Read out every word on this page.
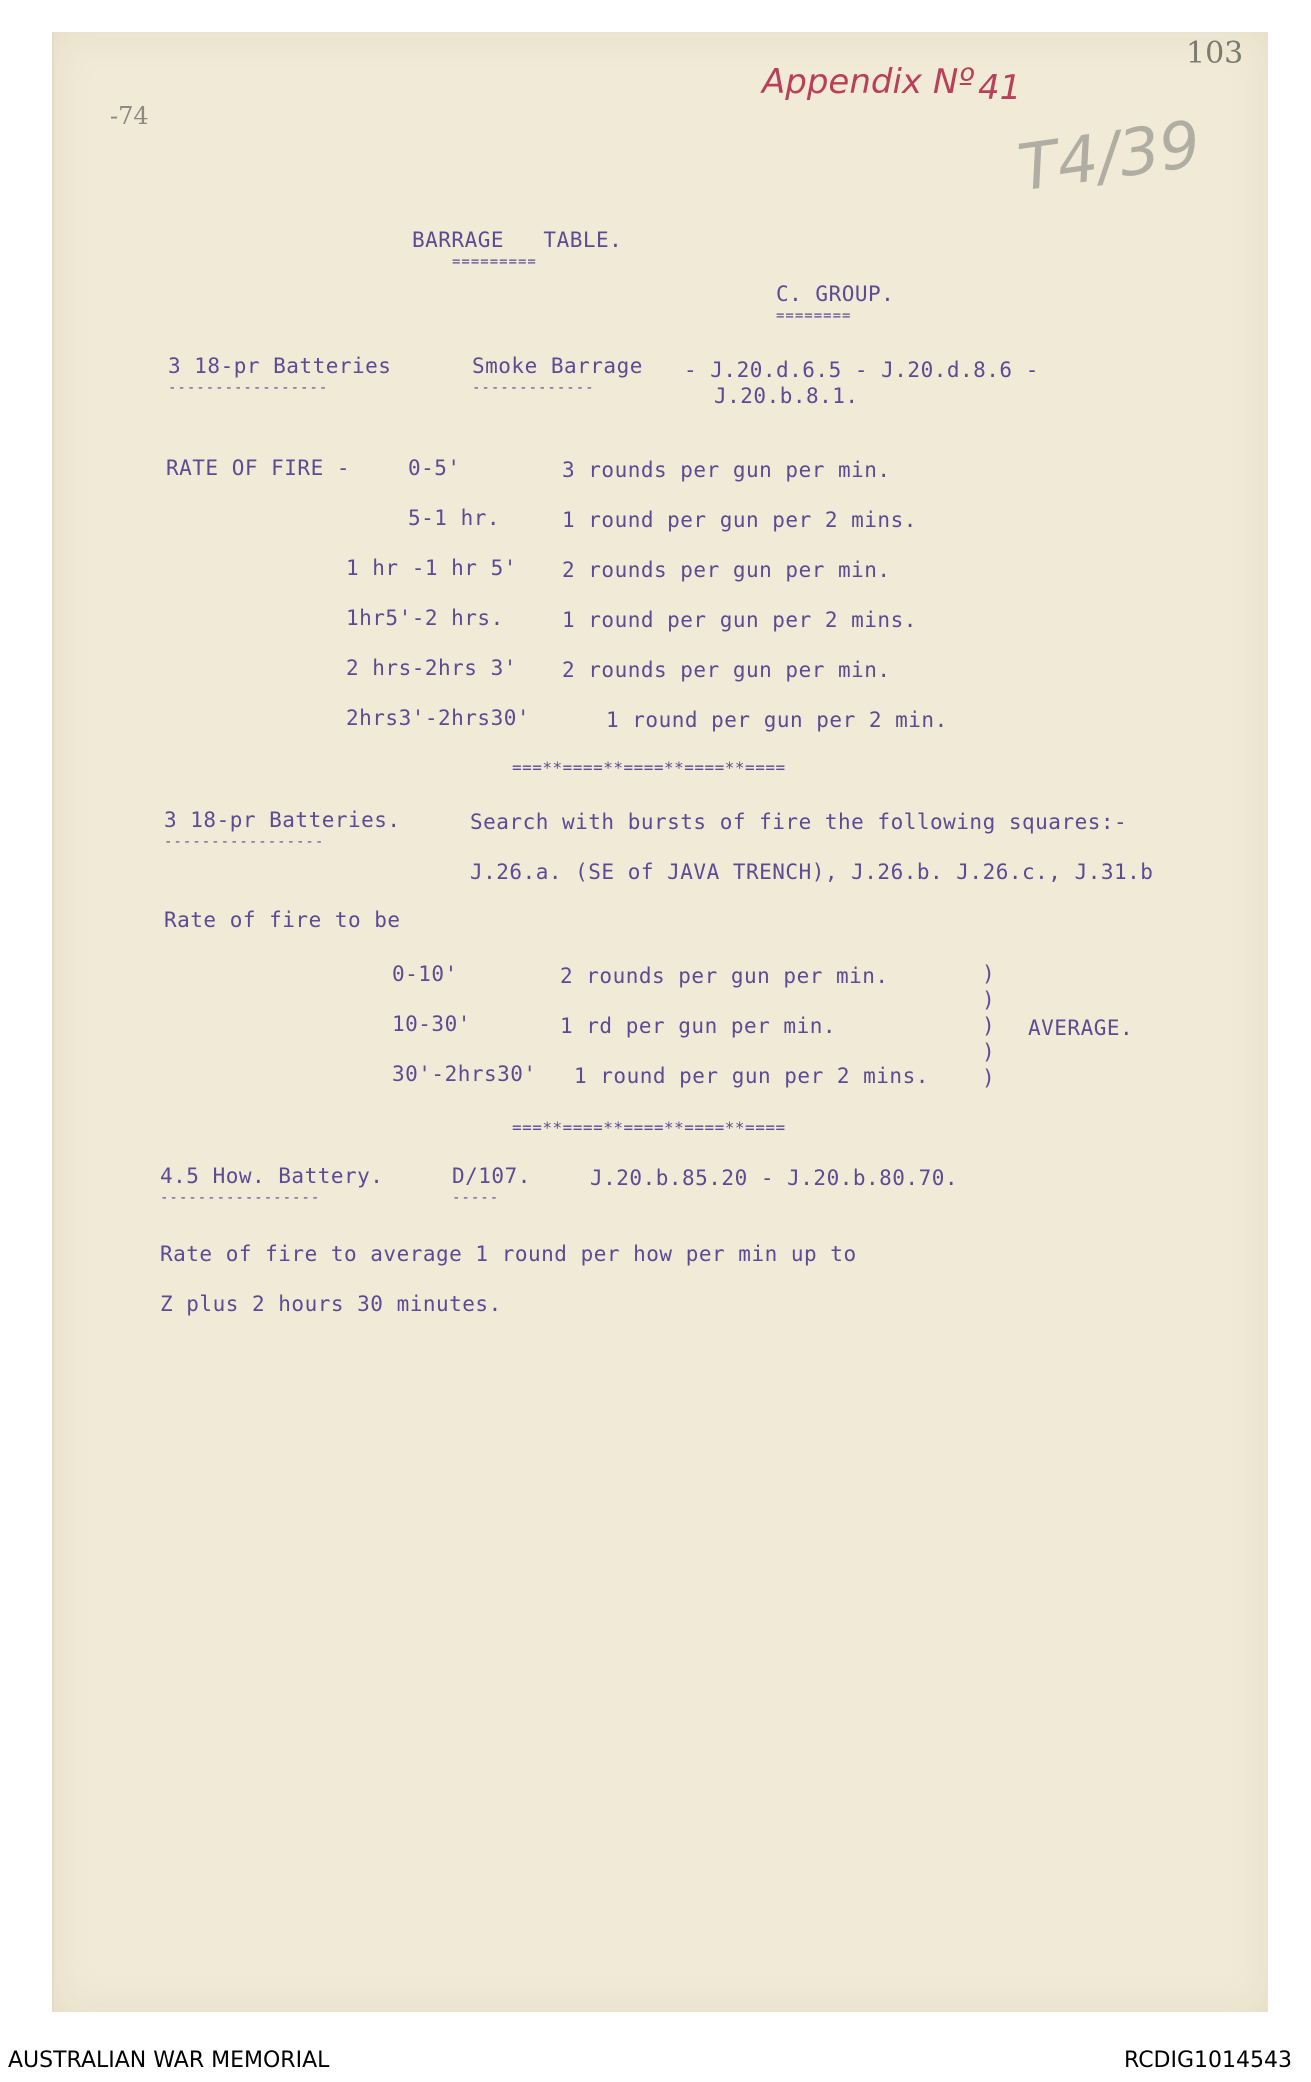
103
Appendix Nº 41
T4/39
-74
BARRAGE   TABLE.
=========
C. GROUP.
========
3 18-pr Batteries
-----------------
Smoke Barrage
-------------
- J.20.d.6.5 - J.20.d.8.6 -
J.20.b.8.1.
RATE OF FIRE -	0-5'	3 rounds per gun per min.
5-1 hr.	1 round per gun per 2 mins.
1 hr -1 hr 5' 2 rounds per gun per min.
1hr5'-2 hrs.	1 round per gun per 2 mins.
2 hrs-2hrs 3' 2 rounds per gun per min.
2hrs3'-2hrs30'	1 round per gun per 2 min.
===**====**====**====**====
3 18-pr Batteries.
-----------------
Search with bursts of fire the following squares:-
J.26.a. (SE of JAVA TRENCH), J.26.b. J.26.c., J.31.b
Rate of fire to be
0-10'	2 rounds per gun per min.
10-30'	1 rd per gun per min.
30'-2hrs30' 1 round per gun per 2 mins.
)
)
)
)
)
AVERAGE.
===**====**====**====**====
4.5 How. Battery.
-----------------
D/107.
-----
J.20.b.85.20 - J.20.b.80.70.
Rate of fire to average 1 round per how per min up to
Z plus 2 hours 30 minutes.
AUSTRALIAN WAR MEMORIAL	RCDIG1014543
